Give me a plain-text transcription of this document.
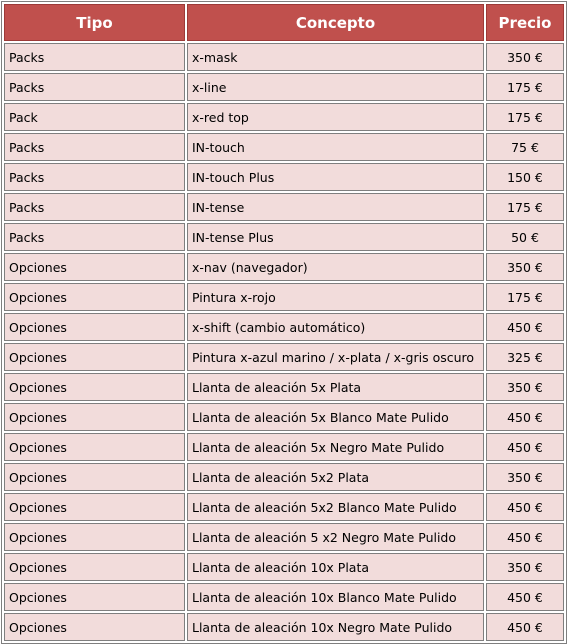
Tipo	Concepto	Precio
Packs	x-mask	350 €
Packs	x-line	175 €
Pack	x-red top	175 €
Packs	IN-touch	75 €
Packs	IN-touch Plus	150 €
Packs	IN-tense	175 €
Packs	IN-tense Plus	50 €
Opciones	x-nav (navegador)	350 €
Opciones	Pintura x-rojo	175 €
Opciones	x-shift (cambio automático)	450 €
Opciones	Pintura x-azul marino / x-plata / x-gris oscuro	325 €
Opciones	Llanta de aleación 5x Plata	350 €
Opciones	Llanta de aleación 5x Blanco Mate Pulido	450 €
Opciones	Llanta de aleación 5x Negro Mate Pulido	450 €
Opciones	Llanta de aleación 5x2 Plata	350 €
Opciones	Llanta de aleación 5x2 Blanco Mate Pulido	450 €
Opciones	Llanta de aleación 5 x2 Negro Mate Pulido	450 €
Opciones	Llanta de aleación 10x Plata	350 €
Opciones	Llanta de aleación 10x Blanco Mate Pulido	450 €
Opciones	Llanta de aleación 10x Negro Mate Pulido	450 €
